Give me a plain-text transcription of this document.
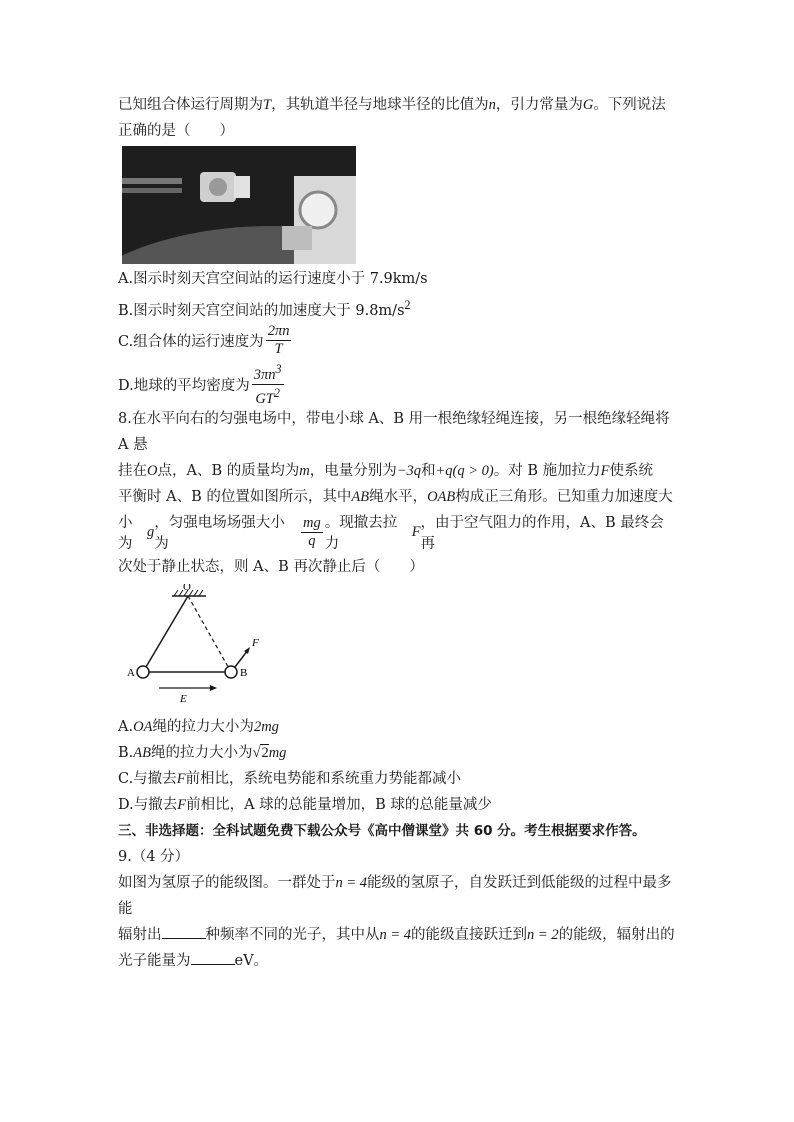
已知组合体运行周期为T，其轨道半径与地球半径的比值为n，引力常量为G。下列说法

正确的是（　　）

A.图示时刻天宫空间站的运行速度小于 7.9km/s

B.图示时刻天宫空间站的加速度大于 $9.8m/s^2$

C.组合体的运行速度为 $\frac{2\pi n}{T}$
D.地球的平均密度为 $\frac{3\pi n^3}{GT^2}$

8.在水平向右的匀强电场中，带电小球 A、B 用一根绝缘轻绳连接，另一根绝缘轻绳将 A 悬

挂在O点，A、B 的质量均为m，电量分别为−3q和+q(q > 0)。对 B 施加拉力F使系统

平衡时 A、B 的位置如图所示，其中AB绳水平，OAB构成正三角形。已知重力加速度大

小为
g
，匀强电场场强大小为	$\frac{mg}{q}$ 。现撤去拉力
F
，由于空气阻力的作用，A、B 最终会再

次处于静止状态，则 A、B 再次静止后（　　）

O
A	B
F
E

A.OA绳的拉力大小为2mg

B.AB绳的拉力大小为√2mg

C.与撤去F前相比，系统电势能和系统重力势能都减小

D.与撤去F前相比，A 球的总能量增加，B 球的总能量减少

三、非选择题：全科试题免费下载公众号《高中僧课堂》共 60 分。考生根据要求作答。

9.（4 分）

如图为氢原子的能级图。一群处于n = 4能级的氢原子，自发跃迁到低能级的过程中最多能

辐射出	种频率不同的光子，其中从n = 4的能级直接跃迁到n = 2的能级，辐射出的

光子能量为	eV。
